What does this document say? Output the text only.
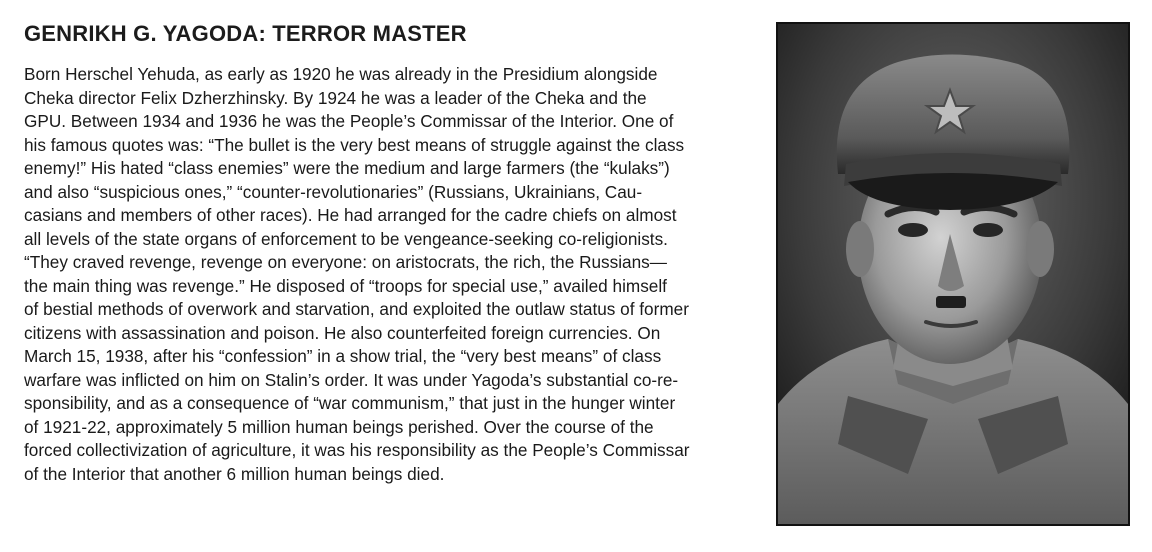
GENRIKH G. YAGODA: TERROR MASTER

Born Herschel Yehuda, as early as 1920 he was already in the Presidium alongside
Cheka director Felix Dzherzhinsky. By 1924 he was a leader of the Cheka and the
GPU. Between 1934 and 1936 he was the People’s Commissar of the Interior. One of
his famous quotes was: “The bullet is the very best means of struggle against the class
enemy!” His hated “class enemies” were the medium and large farmers (the “kulaks”)
and also “suspicious ones,” “counter-revolutionaries” (Russians, Ukrainians, Cau-
casians and members of other races). He had arranged for the cadre chiefs on almost
all levels of the state organs of enforcement to be vengeance-seeking co-religionists.
“They craved revenge, revenge on everyone: on aristocrats, the rich, the Russians—
the main thing was revenge.” He disposed of “troops for special use,” availed himself
of bestial methods of overwork and starvation, and exploited the outlaw status of former
citizens with assassination and poison. He also counterfeited foreign currencies. On
March 15, 1938, after his “confession” in a show trial, the “very best means” of class
warfare was inflicted on him on Stalin’s order. It was under Yagoda’s substantial co-re-
sponsibility, and as a consequence of “war communism,” that just in the hunger winter
of 1921-22, approximately 5 million human beings perished. Over the course of the
forced collectivization of agriculture, it was his responsibility as the People’s Commissar
of the Interior that another 6 million human beings died.
